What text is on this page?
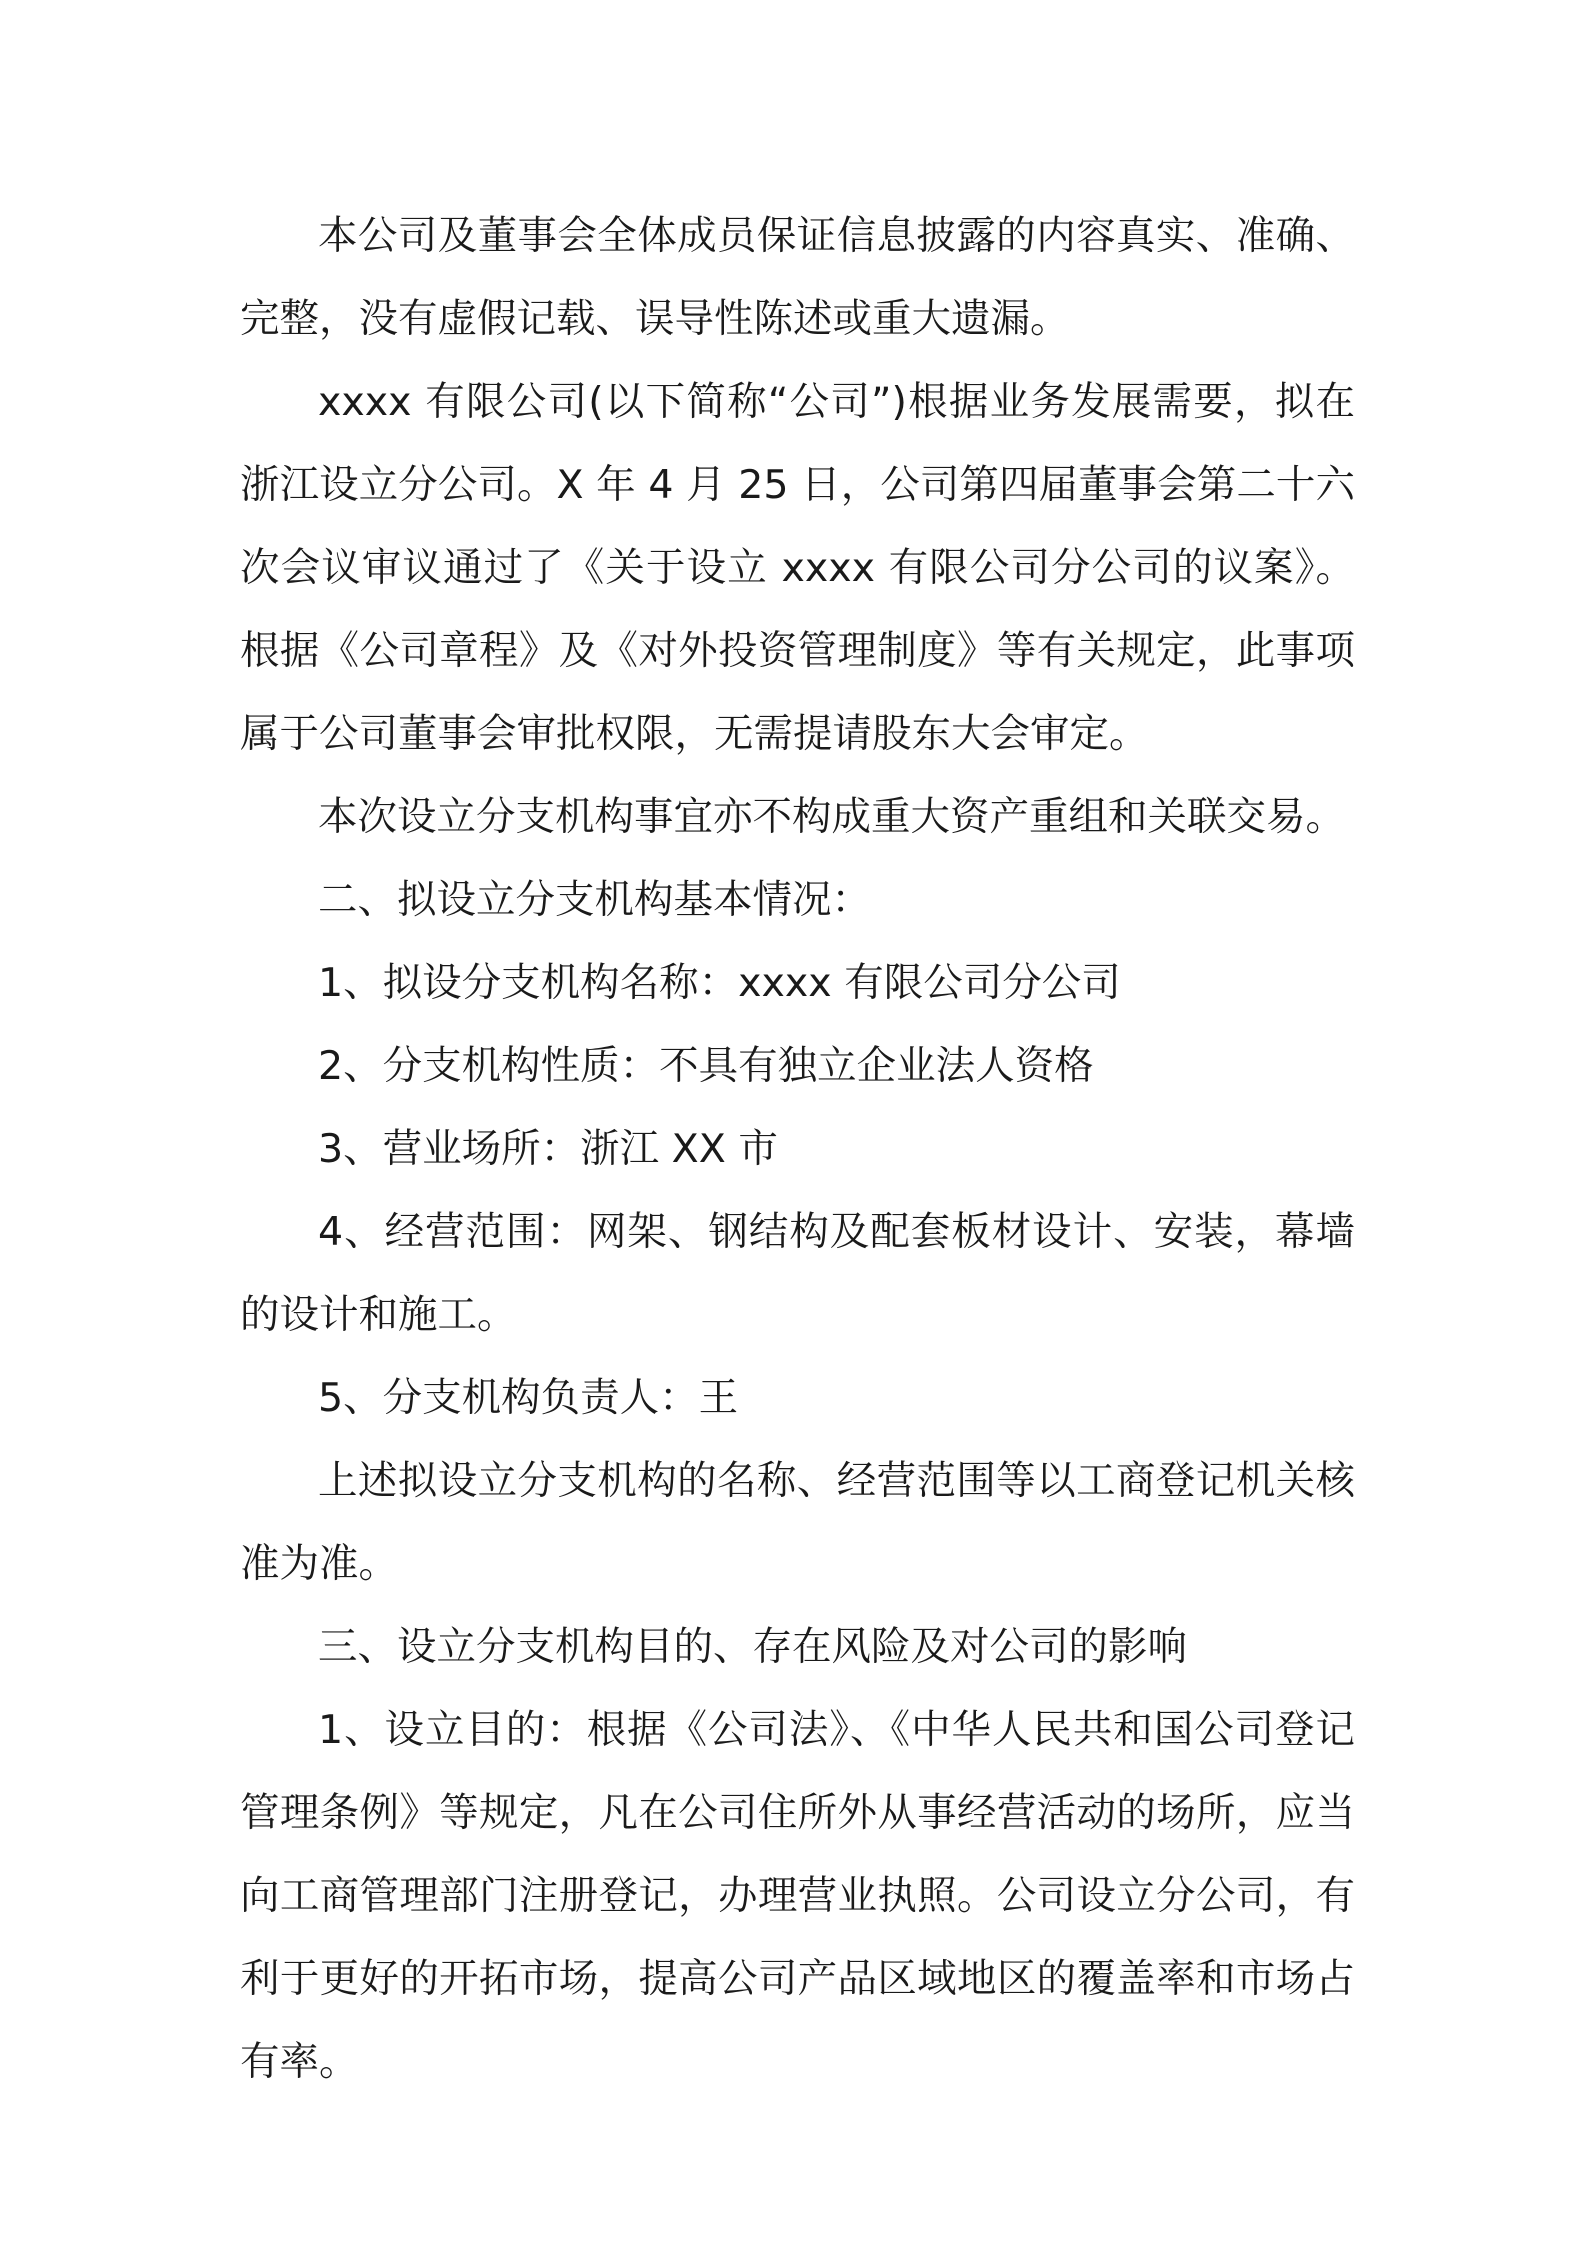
本公司及董事会全体成员保证信息披露的内容真实、准确、完整，没有虚假记载、误导性陈述或重大遗漏。

xxxx 有限公司(以下简称“公司”)根据业务发展需要，拟在浙江设立分公司。X 年 4 月 25 日，公司第四届董事会第二十六次会议审议通过了《关于设立 xxxx 有限公司分公司的议案》。根据《公司章程》及《对外投资管理制度》等有关规定，此事项属于公司董事会审批权限，无需提请股东大会审定。

本次设立分支机构事宜亦不构成重大资产重组和关联交易。

二、拟设立分支机构基本情况：

1、拟设分支机构名称：xxxx 有限公司分公司

2、分支机构性质：不具有独立企业法人资格

3、营业场所：浙江 XX 市

4、经营范围：网架、钢结构及配套板材设计、安装，幕墙的设计和施工。

5、分支机构负责人：王

上述拟设立分支机构的名称、经营范围等以工商登记机关核准为准。

三、设立分支机构目的、存在风险及对公司的影响

1、设立目的：根据《公司法》、《中华人民共和国公司登记管理条例》等规定，凡在公司住所外从事经营活动的场所，应当向工商管理部门注册登记，办理营业执照。公司设立分公司，有利于更好的开拓市场，提高公司产品区域地区的覆盖率和市场占有率。
